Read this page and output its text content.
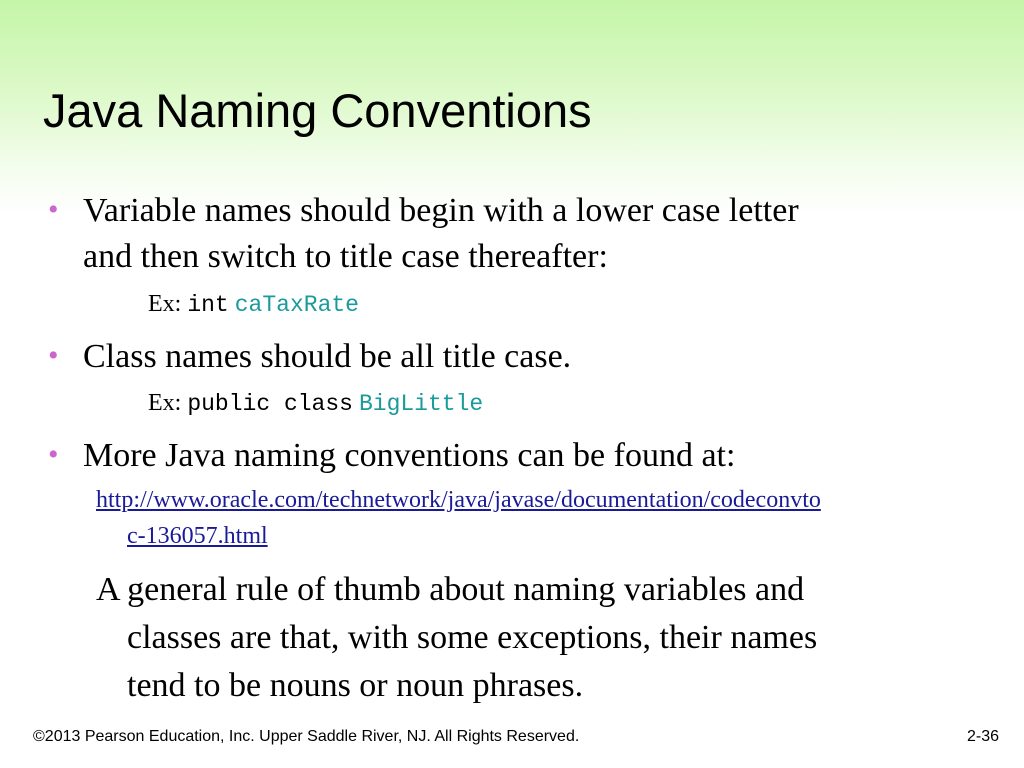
Java Naming Conventions
• Variable names should begin with a lower case letter
and then switch to title case thereafter:
Ex: int caTaxRate
• Class names should be all title case.
Ex: public class BigLittle
• More Java naming conventions can be found at:
http://www.oracle.com/technetwork/java/javase/documentation/codeconvto
c-136057.html
A general rule of thumb about naming variables and
classes are that, with some exceptions, their names
tend to be nouns or noun phrases.
©2013 Pearson Education, Inc. Upper Saddle River, NJ. All Rights Reserved.	2-36
